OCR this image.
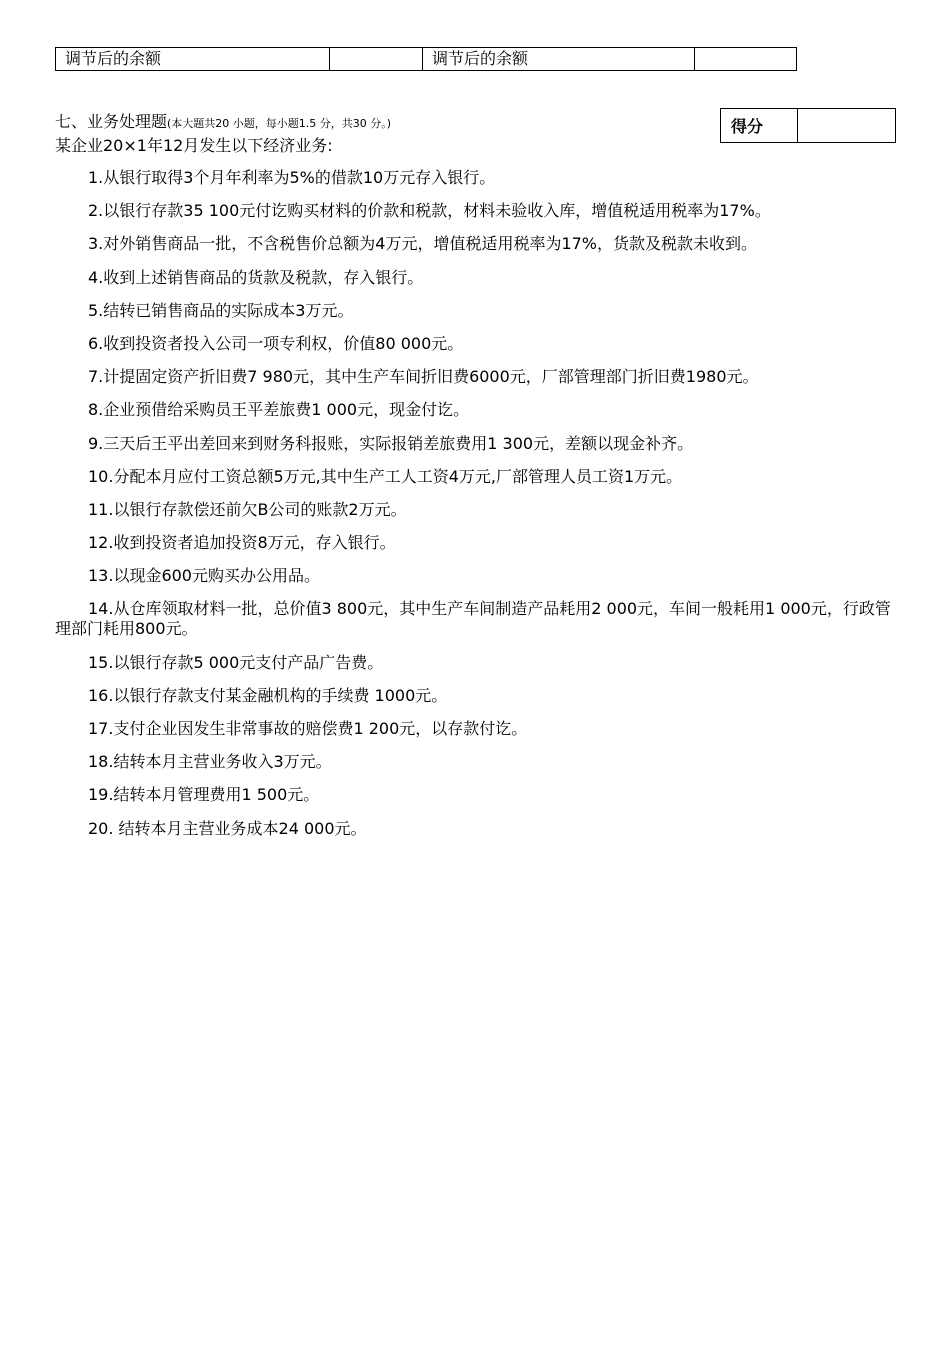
调节后的余额		调节后的余额	
七、业务处理题(本大题共20 小题，每小题1.5 分，共30 分。)
某企业20×1年12月发生以下经济业务:
得分	

1.从银行取得3个月年利率为5%的借款10万元存入银行。

2.以银行存款35 100元付讫购买材料的价款和税款，材料未验收入库，增值税适用税率为17%。

3.对外销售商品一批，不含税售价总额为4万元，增值税适用税率为17%，货款及税款未收到。

4.收到上述销售商品的货款及税款，存入银行。

5.结转已销售商品的实际成本3万元。

6.收到投资者投入公司一项专利权，价值80 000元。

7.计提固定资产折旧费7 980元，其中生产车间折旧费6000元，厂部管理部门折旧费1980元。

8.企业预借给采购员王平差旅费1 000元，现金付讫。

9.三天后王平出差回来到财务科报账，实际报销差旅费用1 300元，差额以现金补齐。

10.分配本月应付工资总额5万元,其中生产工人工资4万元,厂部管理人员工资1万元。

11.以银行存款偿还前欠B公司的账款2万元。

12.收到投资者追加投资8万元，存入银行。

13.以现金600元购买办公用品。

14.从仓库领取材料一批，总价值3 800元，其中生产车间制造产品耗用2 000元，车间一般耗用1 000元，行政管理部门耗用800元。

15.以银行存款5 000元支付产品广告费。

16.以银行存款支付某金融机构的手续费 1000元。

17.支付企业因发生非常事故的赔偿费1 200元，以存款付讫。

18.结转本月主营业务收入3万元。

19.结转本月管理费用1 500元。

20. 结转本月主营业务成本24 000元。
